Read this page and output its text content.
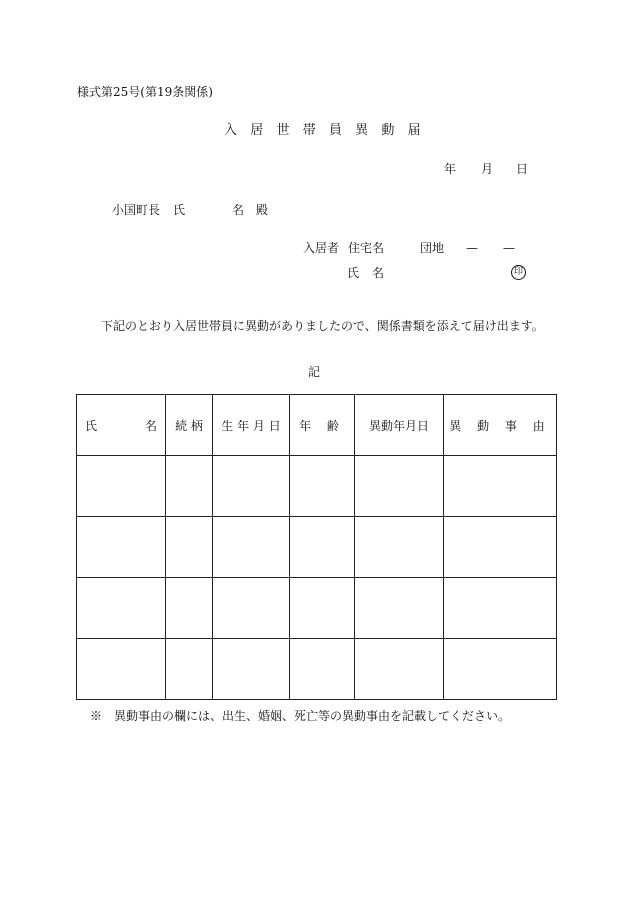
様式第25号(第19条関係)
入 居 世 帯 員 異 動 届
年 月 日
小国町長 氏	名 殿
入居者 住宅名	団地 — —
氏 名	印
下記のとおり入居世帯員に異動がありましたので、関係書類を添えて届け出ます。
記
氏 名	続 柄	生 年 月 日	年 齢	異動年月日	異 動 事 由

※　異動事由の欄には、出生、婚姻、死亡等の異動事由を記載してください。
